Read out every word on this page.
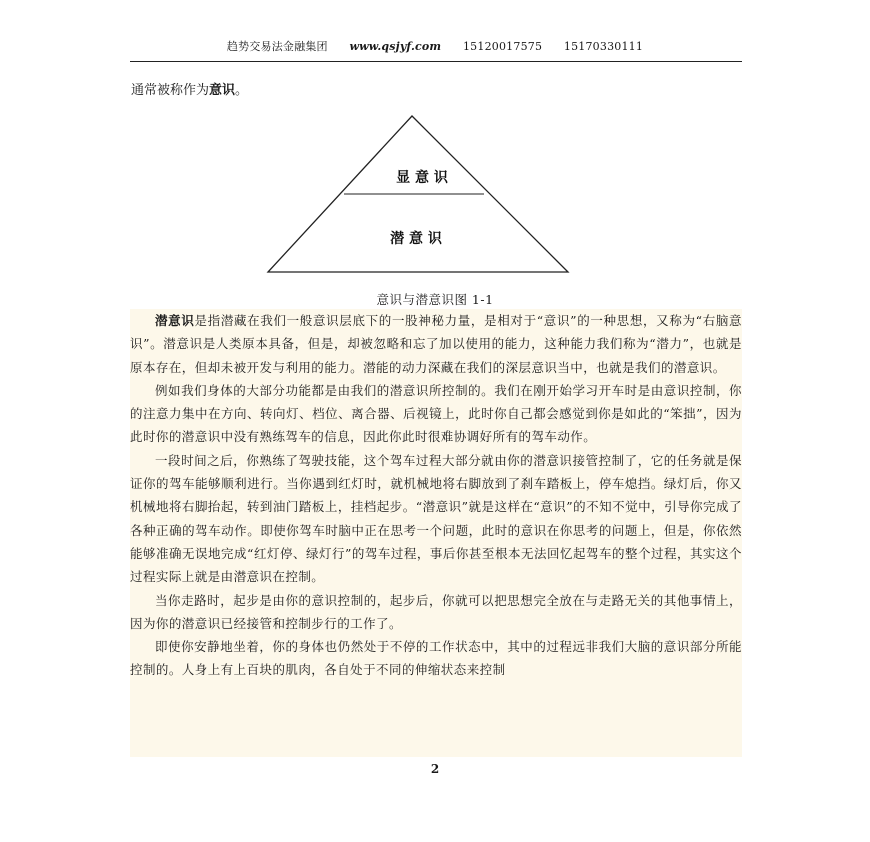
趋势交易法金融集团 www.qsjyf.com 15120017575 15170330111
通常被称作为意识。
显 意 识
潜 意 识
意识与潜意识图 1-1

潜意识是指潜藏在我们一般意识层底下的一股神秘力量，是相对于“意识”的一种思想，又称为“右脑意识”。潜意识是人类原本具备，但是，却被忽略和忘了加以使用的能力，这种能力我们称为“潜力”，也就是原本存在，但却未被开发与利用的能力。潜能的动力深藏在我们的深层意识当中，也就是我们的潜意识。

例如我们身体的大部分功能都是由我们的潜意识所控制的。我们在刚开始学习开车时是由意识控制，你的注意力集中在方向、转向灯、档位、离合器、后视镜上，此时你自己都会感觉到你是如此的“笨拙”，因为此时你的潜意识中没有熟练驾车的信息，因此你此时很难协调好所有的驾车动作。

一段时间之后，你熟练了驾驶技能，这个驾车过程大部分就由你的潜意识接管控制了，它的任务就是保证你的驾车能够顺利进行。当你遇到红灯时，就机械地将右脚放到了刹车踏板上，停车熄挡。绿灯后，你又机械地将右脚抬起，转到油门踏板上，挂档起步。“潜意识”就是这样在“意识”的不知不觉中，引导你完成了各种正确的驾车动作。即使你驾车时脑中正在思考一个问题，此时的意识在你思考的问题上，但是，你依然能够准确无误地完成“红灯停、绿灯行”的驾车过程，事后你甚至根本无法回忆起驾车的整个过程，其实这个过程实际上就是由潜意识在控制。

当你走路时，起步是由你的意识控制的，起步后，你就可以把思想完全放在与走路无关的其他事情上，因为你的潜意识已经接管和控制步行的工作了。

即使你安静地坐着，你的身体也仍然处于不停的工作状态中，其中的过程远非我们大脑的意识部分所能控制的。人身上有上百块的肌肉，各自处于不同的伸缩状态来控制

2
